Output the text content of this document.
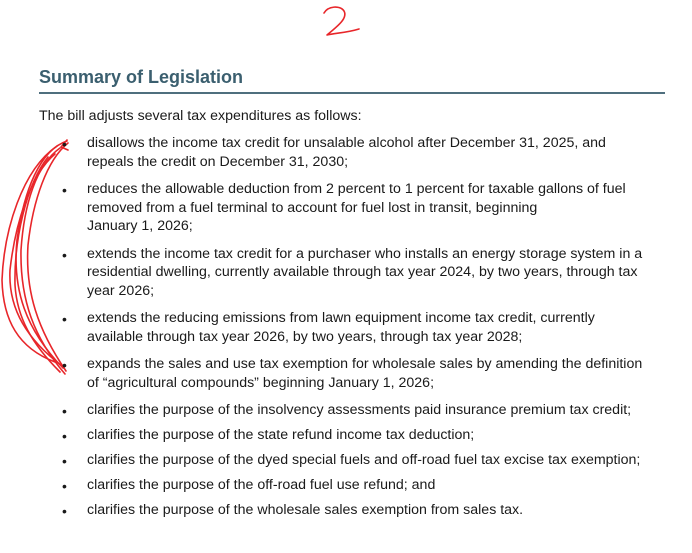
Summary of Legislation

The bill adjusts several tax expenditures as follows:

• disallows the income tax credit for unsalable alcohol after December 31, 2025, and
repeals the credit on December 31, 2030;
• reduces the allowable deduction from 2 percent to 1 percent for taxable gallons of fuel
removed from a fuel terminal to account for fuel lost in transit, beginning
January 1, 2026;
• extends the income tax credit for a purchaser who installs an energy storage system in a
residential dwelling, currently available through tax year 2024, by two years, through tax
year 2026;
• extends the reducing emissions from lawn equipment income tax credit, currently
available through tax year 2026, by two years, through tax year 2028;
• expands the sales and use tax exemption for wholesale sales by amending the definition
of “agricultural compounds” beginning January 1, 2026;
• clarifies the purpose of the insolvency assessments paid insurance premium tax credit;
• clarifies the purpose of the state refund income tax deduction;
• clarifies the purpose of the dyed special fuels and off-road fuel tax excise tax exemption;
• clarifies the purpose of the off-road fuel use refund; and
• clarifies the purpose of the wholesale sales exemption from sales tax.
